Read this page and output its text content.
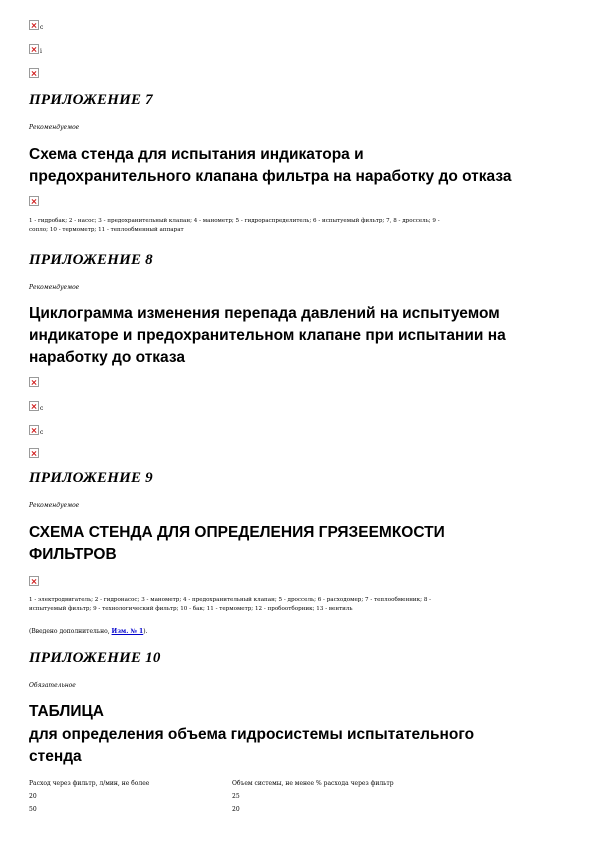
c
i
ПРИЛОЖЕНИЕ 7
Рекомендуемое
Схема стенда для испытания индикатора и
предохранительного клапана фильтра на наработку до отказа
1 - гидробак; 2 - насос; 3 - предохранительный клапан; 4 - манометр; 5 - гидрораспределитель; 6 - испытуемый фильтр; 7, 8 - дроссель; 9 -
сопло; 10 - термометр; 11 - теплообменный аппарат
ПРИЛОЖЕНИЕ 8
Рекомендуемое
Циклограмма изменения перепада давлений на испытуемом
индикаторе и предохранительном клапане при испытании на
наработку до отказа
c
c
ПРИЛОЖЕНИЕ 9
Рекомендуемое
СХЕМА СТЕНДА ДЛЯ ОПРЕДЕЛЕНИЯ ГРЯЗЕЕМКОСТИ
ФИЛЬТРОВ
1 - электродвигатель; 2 - гидронасос; 3 - манометр; 4 - предохранительный клапан; 5 - дроссель; 6 - расходомер; 7 - теплообменник; 8 -
испытуемый фильтр; 9 - технологический фильтр; 10 - бак; 11 - термометр; 12 - пробоотборник; 13 - вентиль
(Введено дополнительно, Изм. № 1).
ПРИЛОЖЕНИЕ 10
Обязательное
ТАБЛИЦА
для определения объема гидросистемы испытательного
стенда
Расход через фильтр, л/мин, не более	Объем системы, не менее % расхода через фильтр
20	25
50	20
